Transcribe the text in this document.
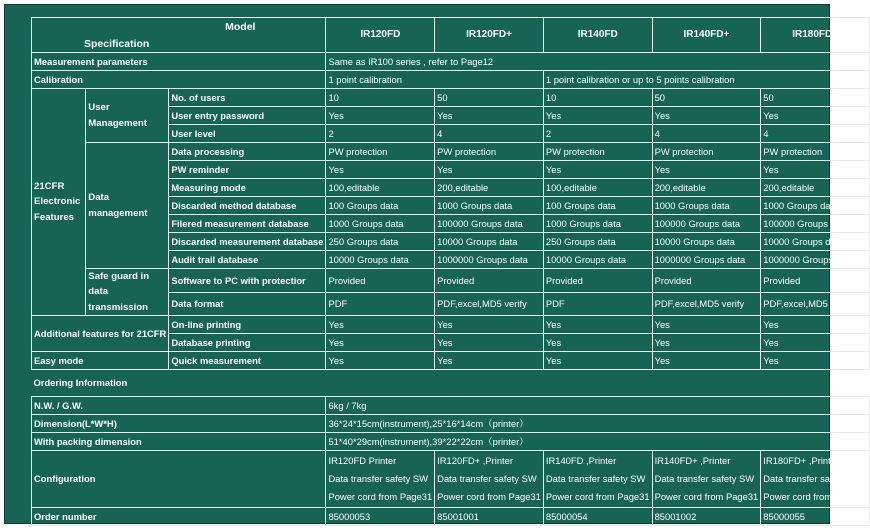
Model
Specification			IR120FD	IR120FD+	IR140FD	IR140FD+	IR180FD+
Measurement parameters			Same as IR100 series , refer to Page12				
Calibration			1 point calibration		1 point calibration or up to 5 points calibration		
21CFR Electronic Features	User Management	No. of users	10	50	10	50	50
		User entry password	Yes	Yes	Yes	Yes	Yes
		User level	2	4	2	4	4
	Data management	Data processing	PW protection	PW protection	PW protection	PW protection	PW protection
		PW reminder	Yes	Yes	Yes	Yes	Yes
		Measuring mode	100,editable	200,editable	100,editable	200,editable	200,editable
		Discarded method database	100 Groups data	1000 Groups data	100 Groups data	1000 Groups data	1000 Groups data
		Filered measurement database	1000 Groups data	100000 Groups data	1000 Groups data	100000 Groups data	100000 Groups data
		Discarded measurement database	250 Groups data	10000 Groups data	250 Groups data	10000 Groups data	10000 Groups data
		Audit trail database	10000 Groups data	1000000 Groups data	10000 Groups data	1000000 Groups data	1000000 Groups data
	Safe guard in data transmission	Software to PC with protectior	Provided	Provided	Provided	Provided	Provided
		Data format	PDF	PDF,excel,MD5 verify	PDF	PDF,excel,MD5 verify	PDF,excel,MD5 verify
Additional features for 21CFR		On-line printing	Yes	Yes	Yes	Yes	Yes
		Database printing	Yes	Yes	Yes	Yes	Yes
Easy mode		Quick measurement	Yes	Yes	Yes	Yes	Yes
Ordering Information							
N.W. / G.W.			6kg / 7kg				
Dimension(L*W*H)			36*24*15cm(instrument),25*16*14cm（printer）				
With packing dimension			51*40*29cm(instrument),39*22*22cm（printer）				
Configuration			IR120FD Printer
Data transfer safety SW
Power cord from Page31	IR120FD+ ,Printer
Data transfer safety SW
Power cord from Page31	IR140FD ,Printer
Data transfer safety SW
Power cord from Page31	IR140FD+ ,Printer
Data transfer safety SW
Power cord from Page31	IR180FD+ ,Printer
Data transfer safety SW
Power cord from Page31

Order number			85000053	85001001	85000054	85001002	85000055
